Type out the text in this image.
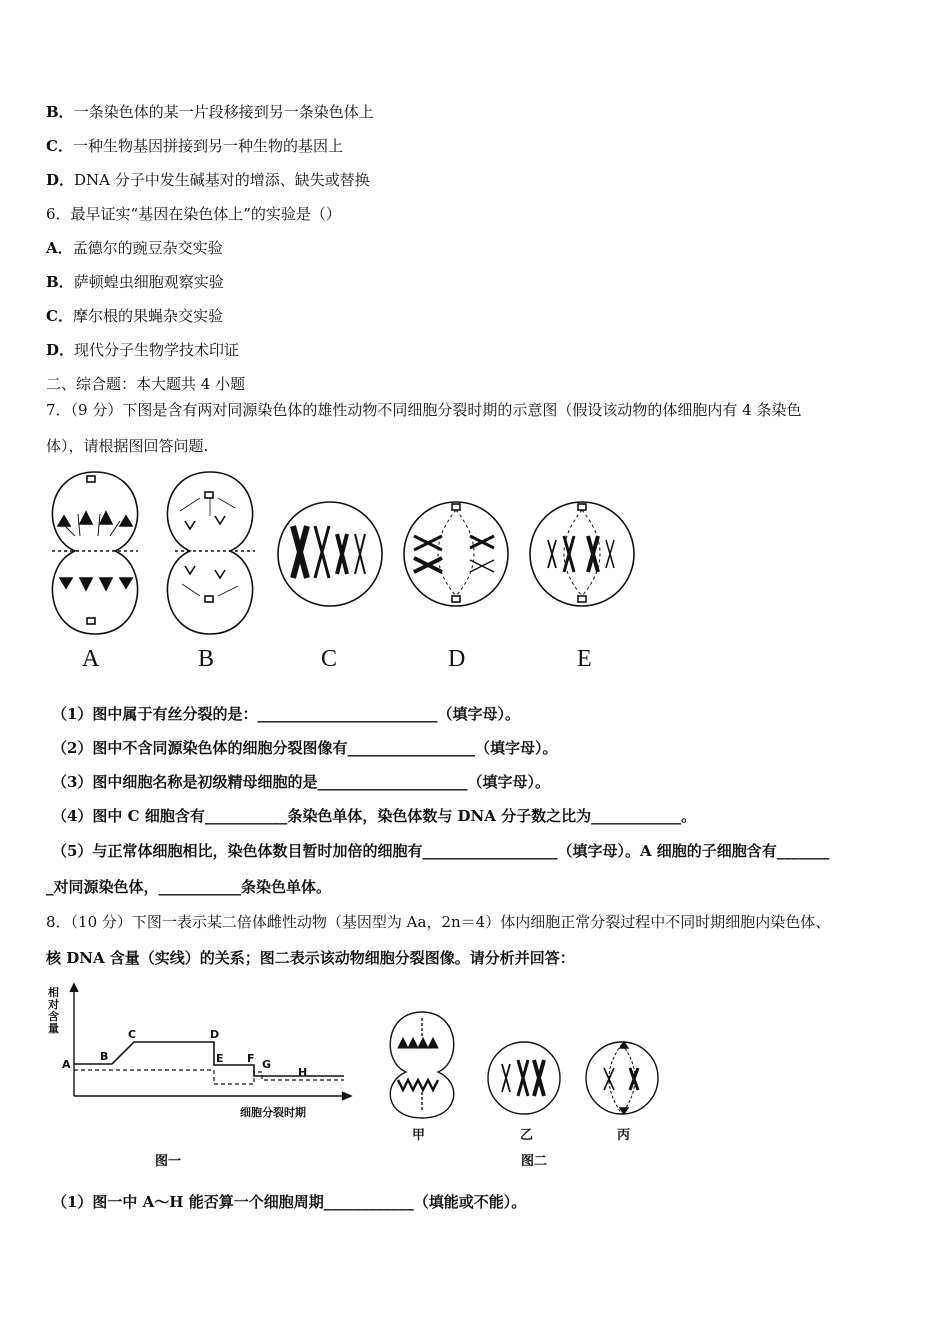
B．一条染色体的某一片段移接到另一条染色体上
C．一种生物基因拼接到另一种生物的基因上
D．DNA 分子中发生碱基对的增添、缺失或替换
6．最早证实“基因在染色体上”的实验是（）
A．孟德尔的豌豆杂交实验
B．萨顿蝗虫细胞观察实验
C．摩尔根的果蝇杂交实验
D．现代分子生物学技术印证
二、综合题：本大题共 4 小题
7．（9 分）下图是含有两对同源染色体的雄性动物不同细胞分裂时期的示意图（假设该动物的体细胞内有 4 条染色
体），请根据图回答问题.
A	B	C	D	E
（1）图中属于有丝分裂的是：________________________（填字母）。
（2）图中不含同源染色体的细胞分裂图像有_________________（填字母）。
（3）图中细胞名称是初级精母细胞的是____________________（填字母）。
（4）图中 C 细胞含有___________条染色单体，染色体数与 DNA 分子数之比为____________。
（5）与正常体细胞相比，染色体数目暂时加倍的细胞有__________________（填字母）。A 细胞的子细胞含有_______
_对同源染色体，___________条染色单体。
8．（10 分）下图一表示某二倍体雌性动物（基因型为 Aa，2n＝4）体内细胞正常分裂过程中不同时期细胞内染色体、
核 DNA 含量（实线）的关系；图二表示该动物细胞分裂图像。请分析并回答：
相
对
含
量
A
B
C	D
E F G
H
细胞分裂时期
图一
甲	乙	丙
图二
（1）图一中 A～H 能否算一个细胞周期____________（填能或不能）。
